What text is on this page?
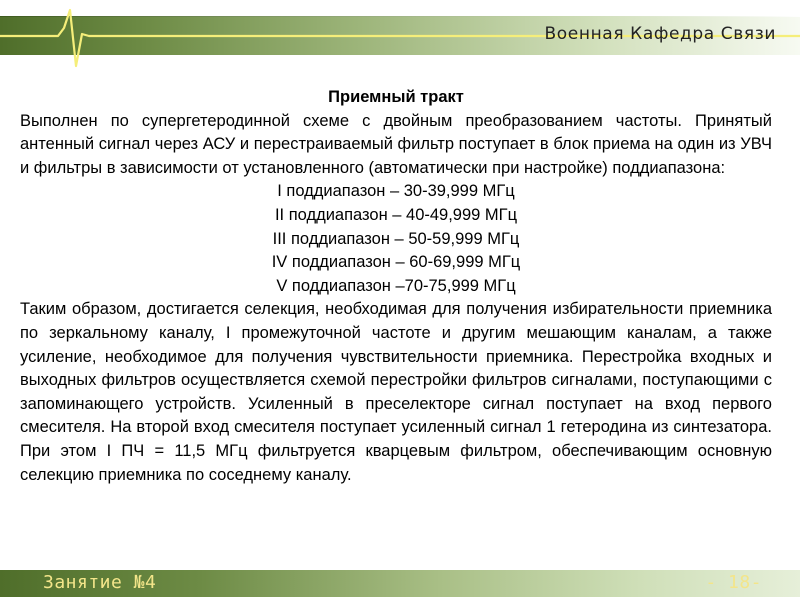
Военная Кафедра Связи

Приемный тракт

Выполнен по супергетеродинной схеме с двойным преобразованием частоты. Принятый антенный сигнал через АСУ и перестраиваемый фильтр поступает в блок приема на один из УВЧ и фильтры в зависимости от установленного (автоматически при настройке) поддиапазона:

I поддиапазон – 30-39,999 МГц

II поддиапазон – 40-49,999 МГц

III поддиапазон – 50-59,999 МГц

IV поддиапазон – 60-69,999 МГц

V поддиапазон –70-75,999 МГц

Таким образом, достигается селекция, необходимая для получения избирательности приемника по зеркальному каналу, I промежуточной частоте и другим мешающим каналам, а также усиление, необходимое для получения чувствительности приемника. Перестройка входных и выходных фильтров осуществляется схемой перестройки фильтров сигналами, поступающими с запоминающего устройств. Усиленный в преселекторе сигнал поступает на вход первого смесителя. На второй вход смесителя поступает усиленный сигнал 1 гетеродина из синтезатора. При этом I ПЧ = 11,5 МГц фильтруется кварцевым фильтром, обеспечивающим основную селекцию приемника по соседнему каналу.

Занятие №4	- 18-
